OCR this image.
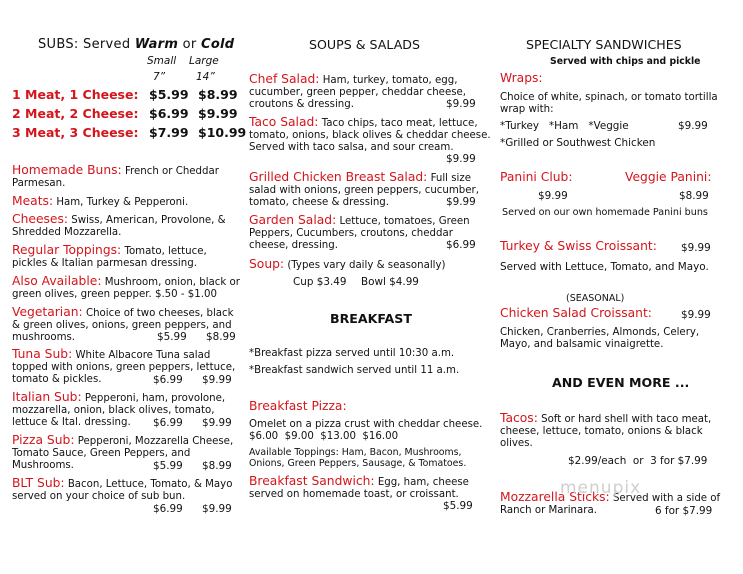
SUBS: Served Warm or Cold
Small Large
7”	14”
1 Meat, 1 Cheese: $5.99 $8.99
2 Meat, 2 Cheese: $6.99 $9.99
3 Meat, 3 Cheese: $7.99 $10.99
Homemade Buns: French or Cheddar Parmesan.
Meats: Ham, Turkey & Pepperoni.
Cheeses: Swiss, American, Provolone, & Shredded Mozzarella.
Regular Toppings: Tomato, lettuce, pickles & Italian parmesan dressing.
Also Available: Mushroom, onion, black or green olives, green pepper. $.50 - $1.00
Vegetarian: Choice of two cheeses, black & green olives, onions, green peppers, and mushrooms.	$5.99 $8.99
Tuna Sub: White Albacore Tuna salad topped with onions, green peppers, lettuce, tomato & pickles.	$6.99 $9.99
Italian Sub: Pepperoni, ham, provolone, mozzarella, onion, black olives, tomato, lettuce & Ital. dressing.	$6.99 $9.99
Pizza Sub: Pepperoni, Mozzarella Cheese, Tomato Sauce, Green Peppers, and Mushrooms.	$5.99 $8.99
BLT Sub: Bacon, Lettuce, Tomato, & Mayo served on your choice of sub bun.
$6.99 $9.99
SOUPS & SALADS
Chef Salad: Ham, turkey, tomato, egg, cucumber, green pepper, cheddar cheese, croutons & dressing.	$9.99
Taco Salad: Taco chips, taco meat, lettuce, tomato, onions, black olives & cheddar cheese. Served with taco salsa, and sour cream.
$9.99
Grilled Chicken Breast Salad: Full size salad with onions, green peppers, cucumber, tomato, cheese & dressing.	$9.99
Garden Salad: Lettuce, tomatoes, Green Peppers, Cucumbers, croutons, cheddar cheese, dressing.	$6.99
Soup: (Types vary daily & seasonally)
Cup $3.49 Bowl $4.99
BREAKFAST
*Breakfast pizza served until 10:30 a.m.
*Breakfast sandwich served until 11 a.m.
Breakfast Pizza:
Omelet on a pizza crust with cheddar cheese.
$6.00  $9.00  $13.00  $16.00
Available Toppings: Ham, Bacon, Mushrooms, Onions, Green Peppers, Sausage, & Tomatoes.
Breakfast Sandwich: Egg, ham, cheese served on homemade toast, or croissant.
$5.99
SPECIALTY SANDWICHES
Served with chips and pickle
Wraps:
Choice of white, spinach, or tomato tortilla wrap with:
*Turkey   *Ham   *Veggie	$9.99
*Grilled or Southwest Chicken
Panini Club:
$9.99
Veggie Panini:
$8.99
Served on our own homemade Panini buns
Turkey & Swiss Croissant:	$9.99
Served with Lettuce, Tomato, and Mayo.
(SEASONAL)
Chicken Salad Croissant:	$9.99
Chicken, Cranberries, Almonds, Celery, Mayo, and balsamic vinaigrette.
AND EVEN MORE ...
Tacos: Soft or hard shell with taco meat, cheese, lettuce, tomato, onions & black olives.
$2.99/each  or  3 for $7.99
Mozzarella Sticks: Served with a side of Ranch or Marinara.	6 for $7.99
menupix
